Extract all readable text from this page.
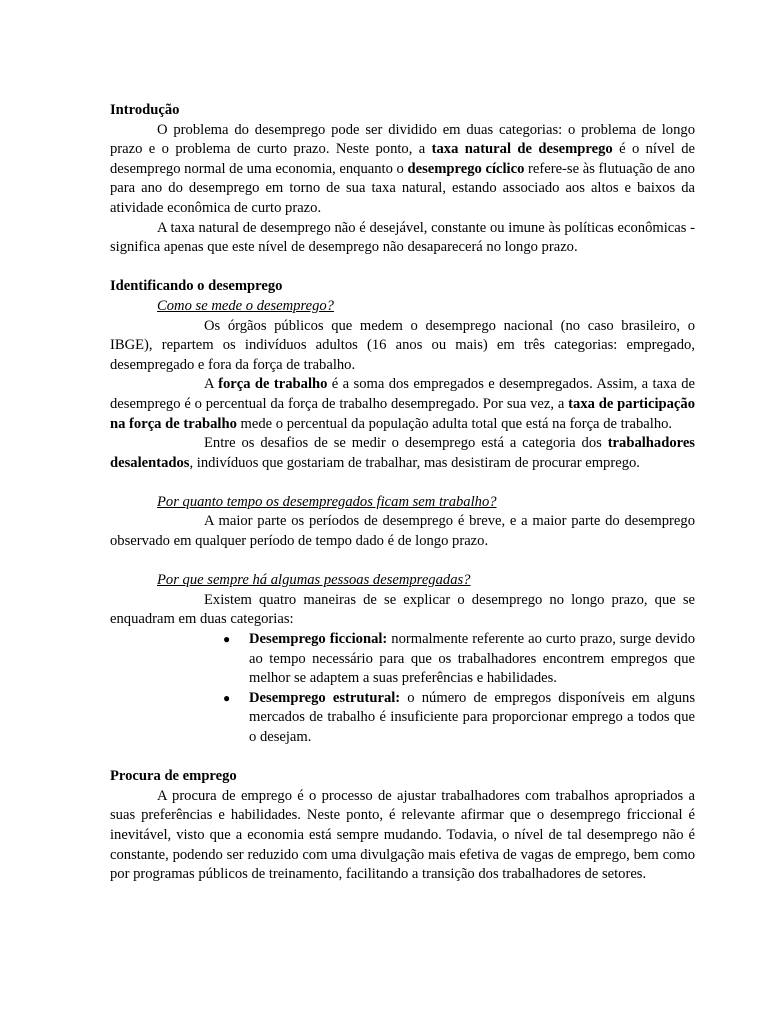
Introdução

O problema do desemprego pode ser dividido em duas categorias: o problema de longo prazo e o problema de curto prazo. Neste ponto, a taxa natural de desemprego é o nível de desemprego normal de uma economia, enquanto o desemprego cíclico refere-se às flutuação de ano para ano do desemprego em torno de sua taxa natural, estando associado aos altos e baixos da atividade econômica de curto prazo.

A taxa natural de desemprego não é desejável, constante ou imune às políticas econômicas - significa apenas que este nível de desemprego não desaparecerá no longo prazo.

Identificando o desemprego

Como se mede o desemprego?

Os órgãos públicos que medem o desemprego nacional (no caso brasileiro, o IBGE), repartem os indivíduos adultos (16 anos ou mais) em três categorias: empregado, desempregado e fora da força de trabalho.

A força de trabalho é a soma dos empregados e desempregados. Assim, a taxa de desemprego é o percentual da força de trabalho desempregado. Por sua vez, a taxa de participação na força de trabalho mede o percentual da população adulta total que está na força de trabalho.

Entre os desafios de se medir o desemprego está a categoria dos trabalhadores desalentados, indivíduos que gostariam de trabalhar, mas desistiram de procurar emprego.

Por quanto tempo os desempregados ficam sem trabalho?

A maior parte os períodos de desemprego é breve, e a maior parte do desemprego observado em qualquer período de tempo dado é de longo prazo.

Por que sempre há algumas pessoas desempregadas?

Existem quatro maneiras de se explicar o desemprego no longo prazo, que se enquadram em duas categorias:

● Desemprego ficcional: normalmente referente ao curto prazo, surge devido ao tempo necessário para que os trabalhadores encontrem empregos que melhor se adaptem a suas preferências e habilidades.
● Desemprego estrutural: o número de empregos disponíveis em alguns mercados de trabalho é insuficiente para proporcionar emprego a todos que o desejam.

Procura de emprego

A procura de emprego é o processo de ajustar trabalhadores com trabalhos apropriados a suas preferências e habilidades. Neste ponto, é relevante afirmar que o desemprego friccional é inevitável, visto que a economia está sempre mudando. Todavia, o nível de tal desemprego não é constante, podendo ser reduzido com uma divulgação mais efetiva de vagas de emprego, bem como por programas públicos de treinamento, facilitando a transição dos trabalhadores de setores.
